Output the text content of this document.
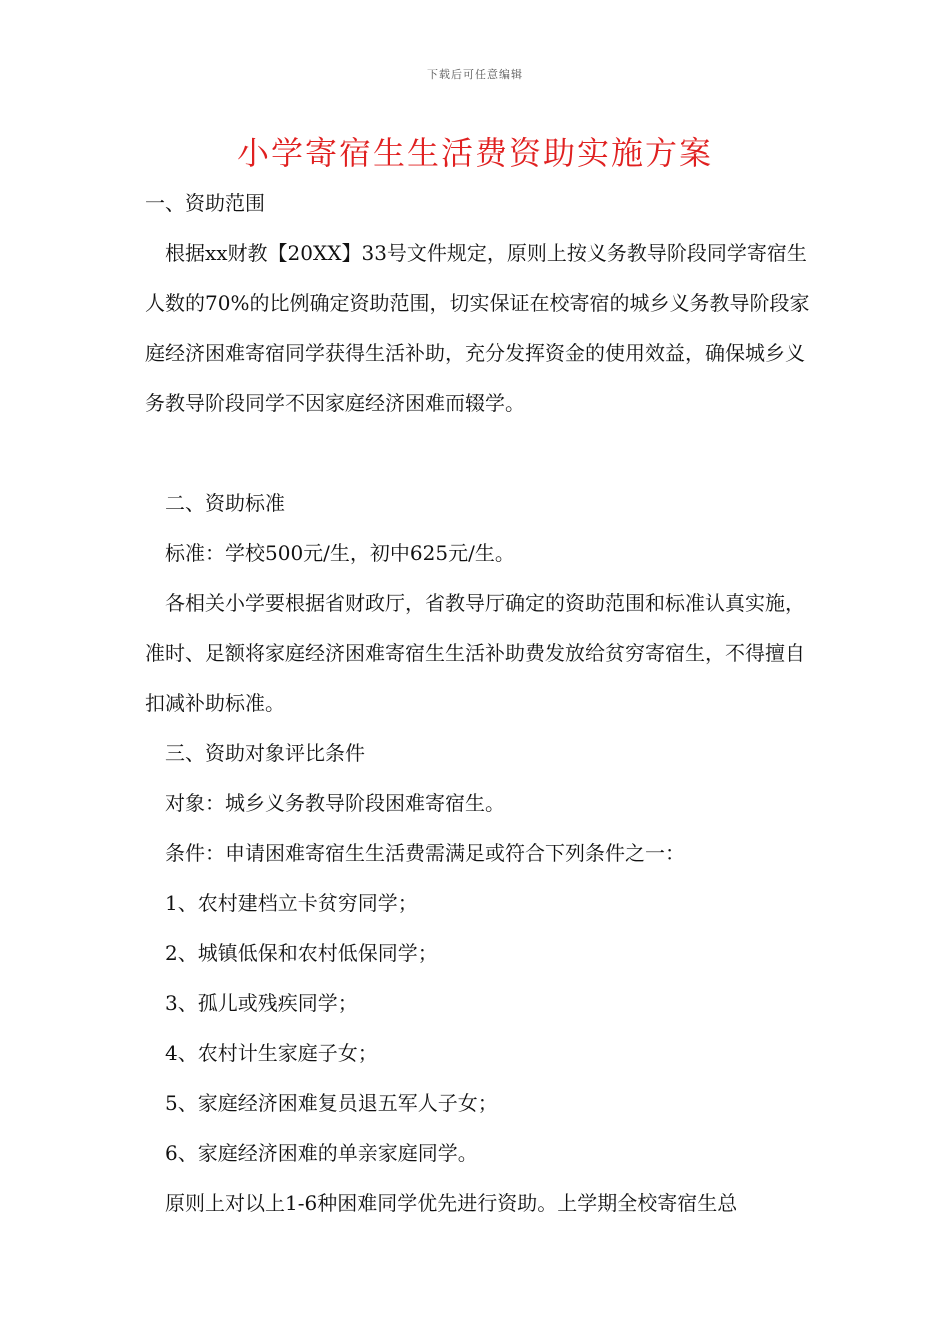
下载后可任意编辑
小学寄宿生生活费资助实施方案

一、资助范围

根据xx财教【20XX】33号文件规定，原则上按义务教导阶段同学寄宿生人数的70%的比例确定资助范围，切实保证在校寄宿的城乡义务教导阶段家庭经济困难寄宿同学获得生活补助，充分发挥资金的使用效益，确保城乡义务教导阶段同学不因家庭经济困难而辍学。

二、资助标准

标准：学校500元/生，初中625元/生。

各相关小学要根据省财政厅，省教导厅确定的资助范围和标准认真实施，准时、足额将家庭经济困难寄宿生生活补助费发放给贫穷寄宿生，不得擅自扣减补助标准。

三、资助对象评比条件

对象：城乡义务教导阶段困难寄宿生。

条件：申请困难寄宿生生活费需满足或符合下列条件之一：

1、农村建档立卡贫穷同学；

2、城镇低保和农村低保同学；

3、孤儿或残疾同学；

4、农村计生家庭子女；

5、家庭经济困难复员退五军人子女；

6、家庭经济困难的单亲家庭同学。

原则上对以上1-6种困难同学优先进行资助。上学期全校寄宿生总
